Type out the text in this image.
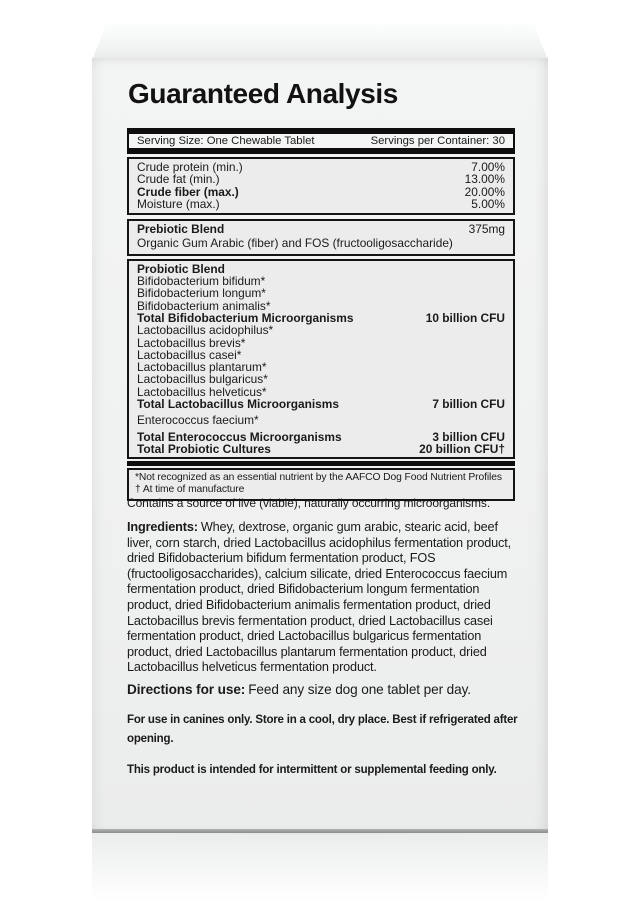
Guaranteed Analysis
Serving Size: One Chewable Tablet	Servings per Container: 30
Crude protein (min.)	7.00%
Crude fat (min.)	13.00%
Crude fiber (max.)	20.00%
Moisture (max.)	5.00%
Prebiotic Blend	375mg
Organic Gum Arabic (fiber) and FOS (fructooligosaccharide)
Probiotic Blend
Bifidobacterium bifidum*
Bifidobacterium longum*
Bifidobacterium animalis*
Total Bifidobacterium Microorganisms	10 billion CFU
Lactobacillus acidophilus*
Lactobacillus brevis*
Lactobacillus casei*
Lactobacillus plantarum*
Lactobacillus bulgaricus*
Lactobacillus helveticus*
Total Lactobacillus Microorganisms	7 billion CFU
Enterococcus faecium*
Total Enterococcus Microorganisms	3 billion CFU
Total Probiotic Cultures	20 billion CFU†
*Not recognized as an essential nutrient by the AAFCO Dog Food Nutrient Profiles
† At time of manufacture

Contains a source of live (viable), naturally occurring microorganisms.

Ingredients: Whey, dextrose, organic gum arabic, stearic acid, beef liver, corn starch, dried Lactobacillus acidophilus fermentation product, dried Bifidobacterium bifidum fermentation product, FOS (fructooligosaccharides), calcium silicate, dried Enterococcus faecium fermentation product, dried Bifidobacterium longum fermentation product, dried Bifidobacterium animalis fermentation product, dried Lactobacillus brevis fermentation product, dried Lactobacillus casei fermentation product, dried Lactobacillus bulgaricus fermentation product, dried Lactobacillus plantarum fermentation product, dried Lactobacillus helveticus fermentation product.

Directions for use: Feed any size dog one tablet per day.

For use in canines only. Store in a cool, dry place. Best if refrigerated after opening.

This product is intended for intermittent or supplemental feeding only.
